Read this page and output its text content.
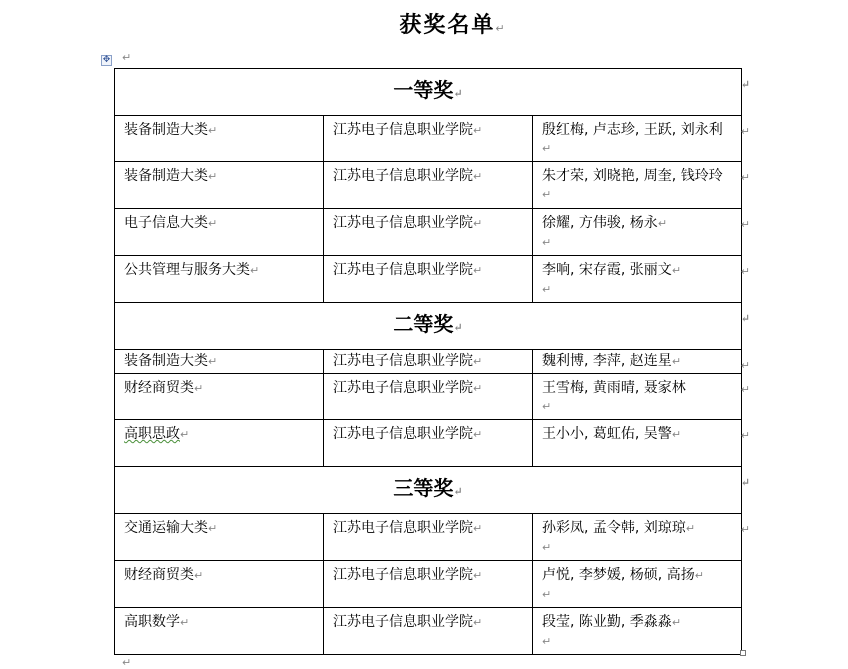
获奖名单↵
✥ ↵
一等奖↵
↵		

装备制造大类↵	江苏电子信息职业学院↵	殷红梅, 卢志珍, 王跃, 刘永利
↵
↵

装备制造大类↵	江苏电子信息职业学院↵	朱才荣, 刘晓艳, 周奎, 钱玲玲
↵
↵

电子信息大类↵	江苏电子信息职业学院↵	徐耀, 方伟骏, 杨永↵
↵
↵

公共管理与服务大类↵	江苏电子信息职业学院↵	李响, 宋存霞, 张丽文↵
↵
↵

二等奖↵
↵		

装备制造大类↵	江苏电子信息职业学院↵	魏利博, 李萍, 赵连星↵ ↵

财经商贸类↵	江苏电子信息职业学院↵	王雪梅, 黄雨晴, 聂家林
↵
↵

高职思政↵	江苏电子信息职业学院↵	王小小, 葛虹佑, 吴警↵ ↵

三等奖↵
↵		

交通运输大类↵	江苏电子信息职业学院↵	孙彩凤, 孟令韩, 刘琼琼↵
↵
↵

财经商贸类↵	江苏电子信息职业学院↵	卢悦, 李梦媛, 杨硕, 高扬↵
↵

高职数学↵	江苏电子信息职业学院↵	段莹, 陈业勤, 季淼淼↵
↵
↵
